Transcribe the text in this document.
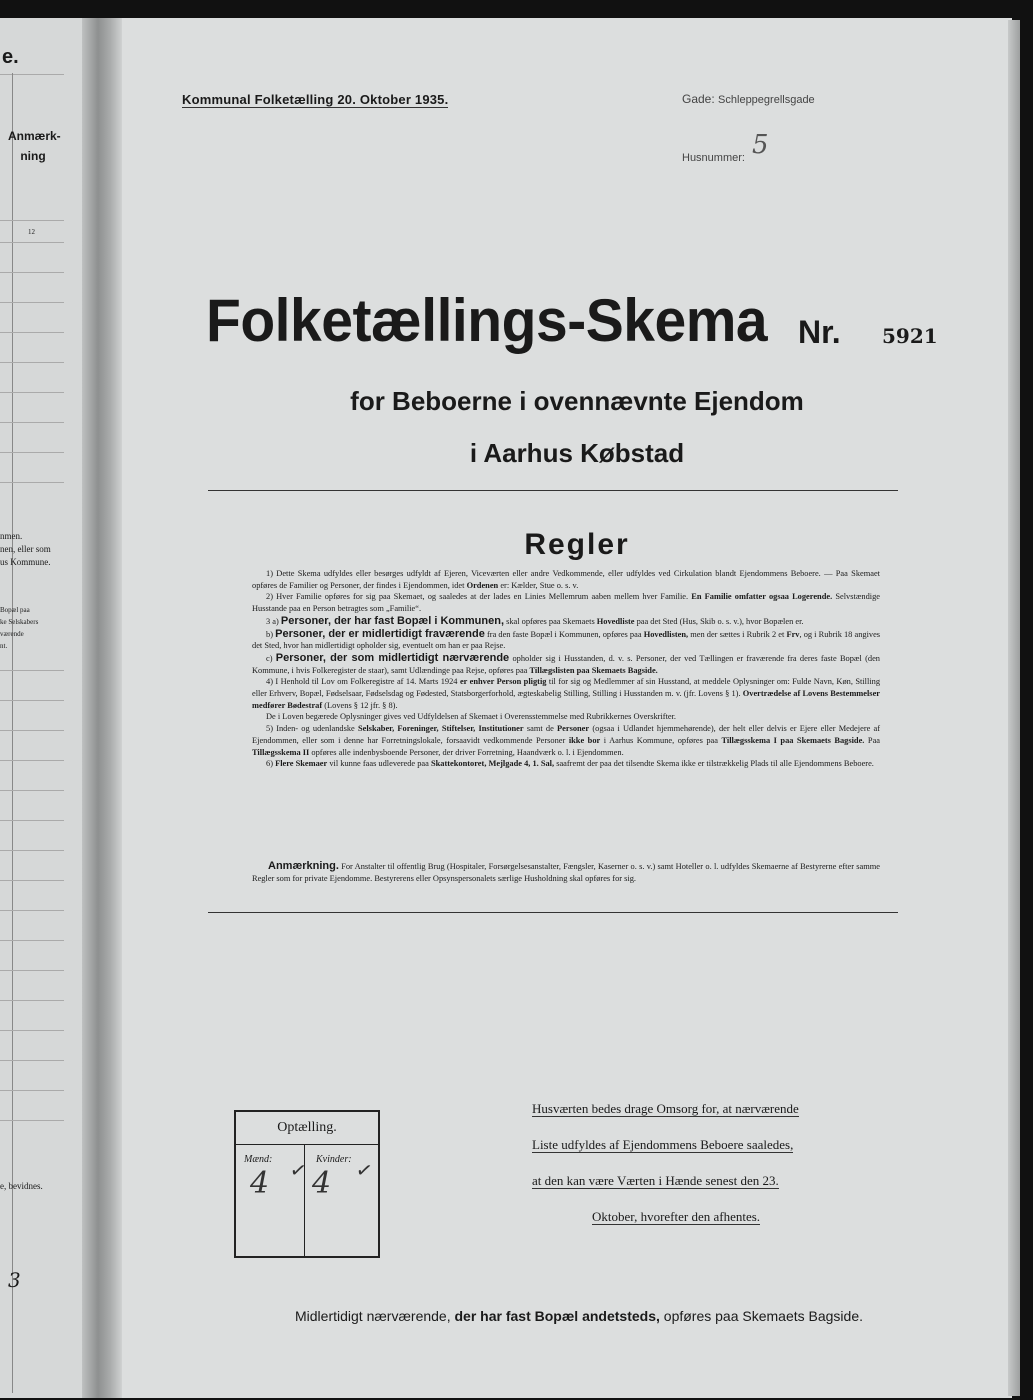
e.
Anmærk-
ning
12
nmen.
nen, eller som
us Kommune.
Bopæl paa
ke Selskabers
værende
nt.
e, bevidnes.
3
Kommunal Folketælling 20. Oktober 1935.	Gade: Schleppegrellsgade
Husnummer: 5
Folketællings-Skema Nr. 5921
for Beboerne i ovennævnte Ejendom
i Aarhus Købstad
Regler

1) Dette Skema udfyldes eller besørges udfyldt af Ejeren, Viceværten eller andre Vedkommende, eller udfyldes ved Cirkulation blandt Ejendommens Beboere. — Paa Skemaet opføres de Familier og Personer, der findes i Ejendommen, idet Ordenen er: Kælder, Stue o. s. v.

2) Hver Familie opføres for sig paa Skemaet, og saaledes at der lades en Linies Mellemrum aaben mellem hver Familie. En Familie omfatter ogsaa Logerende. Selvstændige Husstande paa en Person betragtes som „Familie“.

3 a) Personer, der har fast Bopæl i Kommunen, skal opføres paa Skemaets Hovedliste paa det Sted (Hus, Skib o. s. v.), hvor Bopælen er.

b) Personer, der er midlertidigt fraværende fra den faste Bopæl i Kommunen, opføres paa Hovedlisten, men der sættes i Rubrik 2 et Frv, og i Rubrik 18 angives det Sted, hvor han midlertidigt opholder sig, eventuelt om han er paa Rejse.

c) Personer, der som midlertidigt nærværende opholder sig i Husstanden, d. v. s. Personer, der ved Tællingen er fraværende fra deres faste Bopæl (den Kommune, i hvis Folkeregister de staar), samt Udlændinge paa Rejse, opføres paa Tillægslisten paa Skemaets Bagside.

4) I Henhold til Lov om Folkeregistre af 14. Marts 1924 er enhver Person pligtig til for sig og Medlemmer af sin Husstand, at meddele Oplysninger om: Fulde Navn, Køn, Stilling eller Erhverv, Bopæl, Fødselsaar, Fødselsdag og Fødested, Statsborgerforhold, ægteskabelig Stilling, Stilling i Husstanden m. v. (jfr. Lovens § 1). Overtrædelse af Lovens Bestemmelser medfører Bødestraf (Lovens § 12 jfr. § 8).

De i Loven begærede Oplysninger gives ved Udfyldelsen af Skemaet i Overensstemmelse med Rubrikkernes Overskrifter.

5) Inden- og udenlandske Selskaber, Foreninger, Stiftelser, Institutioner samt de Personer (ogsaa i Udlandet hjemmehørende), der helt eller delvis er Ejere eller Medejere af Ejendommen, eller som i denne har Forretningslokale, forsaavidt vedkommende Personer ikke bor i Aarhus Kommune, opføres paa Tillægsskema I paa Skemaets Bagside. Paa Tillægsskema II opføres alle indenbysboende Personer, der driver Forretning, Haandværk o. l. i Ejendommen.

6) Flere Skemaer vil kunne faas udleverede paa Skattekontoret, Mejlgade 4, 1. Sal, saafremt der paa det tilsendte Skema ikke er tilstrækkelig Plads til alle Ejendommens Beboere.

Anmærkning. For Anstalter til offentlig Brug (Hospitaler, Forsørgelsesanstalter, Fængsler, Kaserner o. s. v.) samt Hoteller o. l. udfyldes Skemaerne af Bestyrerne efter samme Regler som for private Ejendomme. Bestyrerens eller Opsynspersonalets særlige Husholdning skal opføres for sig.
Optælling.
Mænd:	Kvinder:
4 ✓ 4 ✓
Husværten bedes drage Omsorg for, at nærværende
Liste udfyldes af Ejendommens Beboere saaledes,
at den kan være Værten i Hænde senest den 23.
Oktober, hvorefter den afhentes.
Midlertidigt nærværende, der har fast Bopæl andetsteds, opføres paa Skemaets Bagside.
